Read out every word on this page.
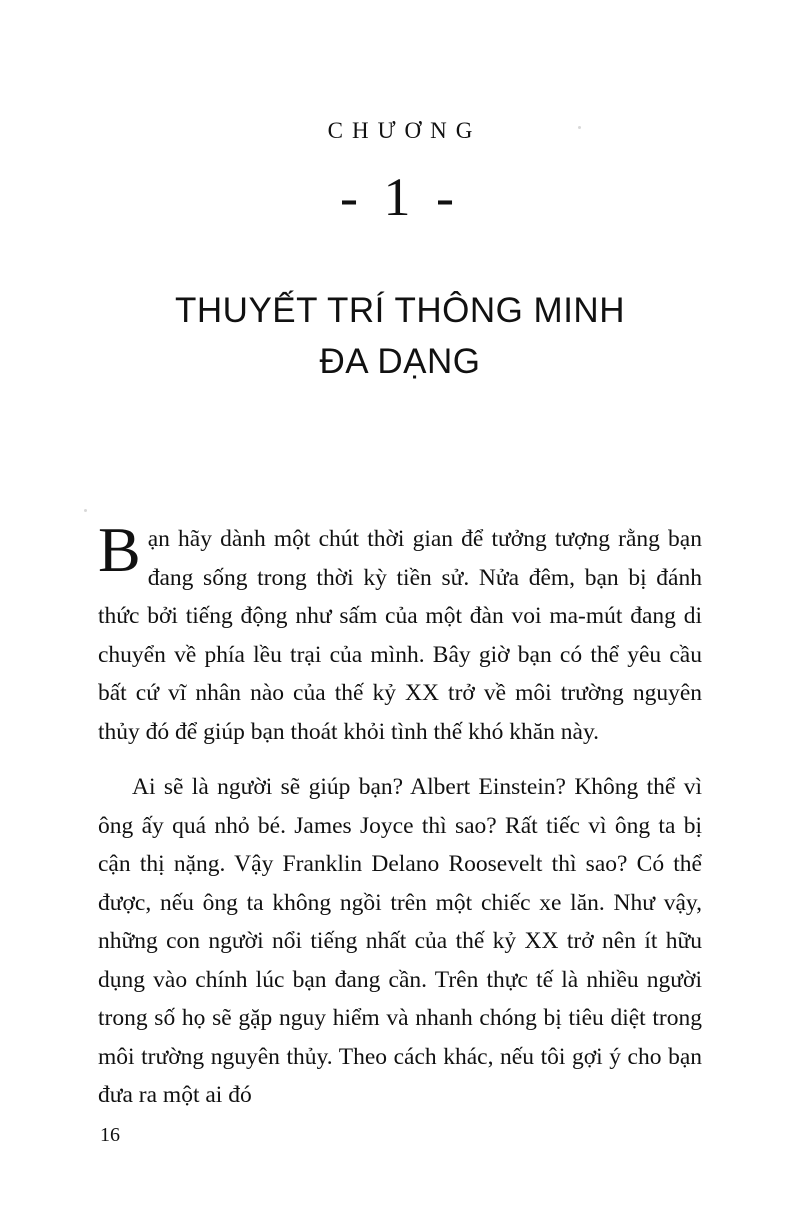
CHƯƠNG
- 1 -
THUYẾT TRÍ THÔNG MINH
ĐA DẠNG

Bạn hãy dành một chút thời gian để tưởng tượng rằng bạn đang sống trong thời kỳ tiền sử. Nửa đêm, bạn bị đánh thức bởi tiếng động như sấm của một đàn voi ma-mút đang di chuyển về phía lều trại của mình. Bây giờ bạn có thể yêu cầu bất cứ vĩ nhân nào của thế kỷ XX trở về môi trường nguyên thủy đó để giúp bạn thoát khỏi tình thế khó khăn này.

Ai sẽ là người sẽ giúp bạn? Albert Einstein? Không thể vì ông ấy quá nhỏ bé. James Joyce thì sao? Rất tiếc vì ông ta bị cận thị nặng. Vậy Franklin Delano Roosevelt thì sao? Có thể được, nếu ông ta không ngồi trên một chiếc xe lăn. Như vậy, những con người nổi tiếng nhất của thế kỷ XX trở nên ít hữu dụng vào chính lúc bạn đang cần. Trên thực tế là nhiều người trong số họ sẽ gặp nguy hiểm và nhanh chóng bị tiêu diệt trong môi trường nguyên thủy. Theo cách khác, nếu tôi gợi ý cho bạn đưa ra một ai đó

16
